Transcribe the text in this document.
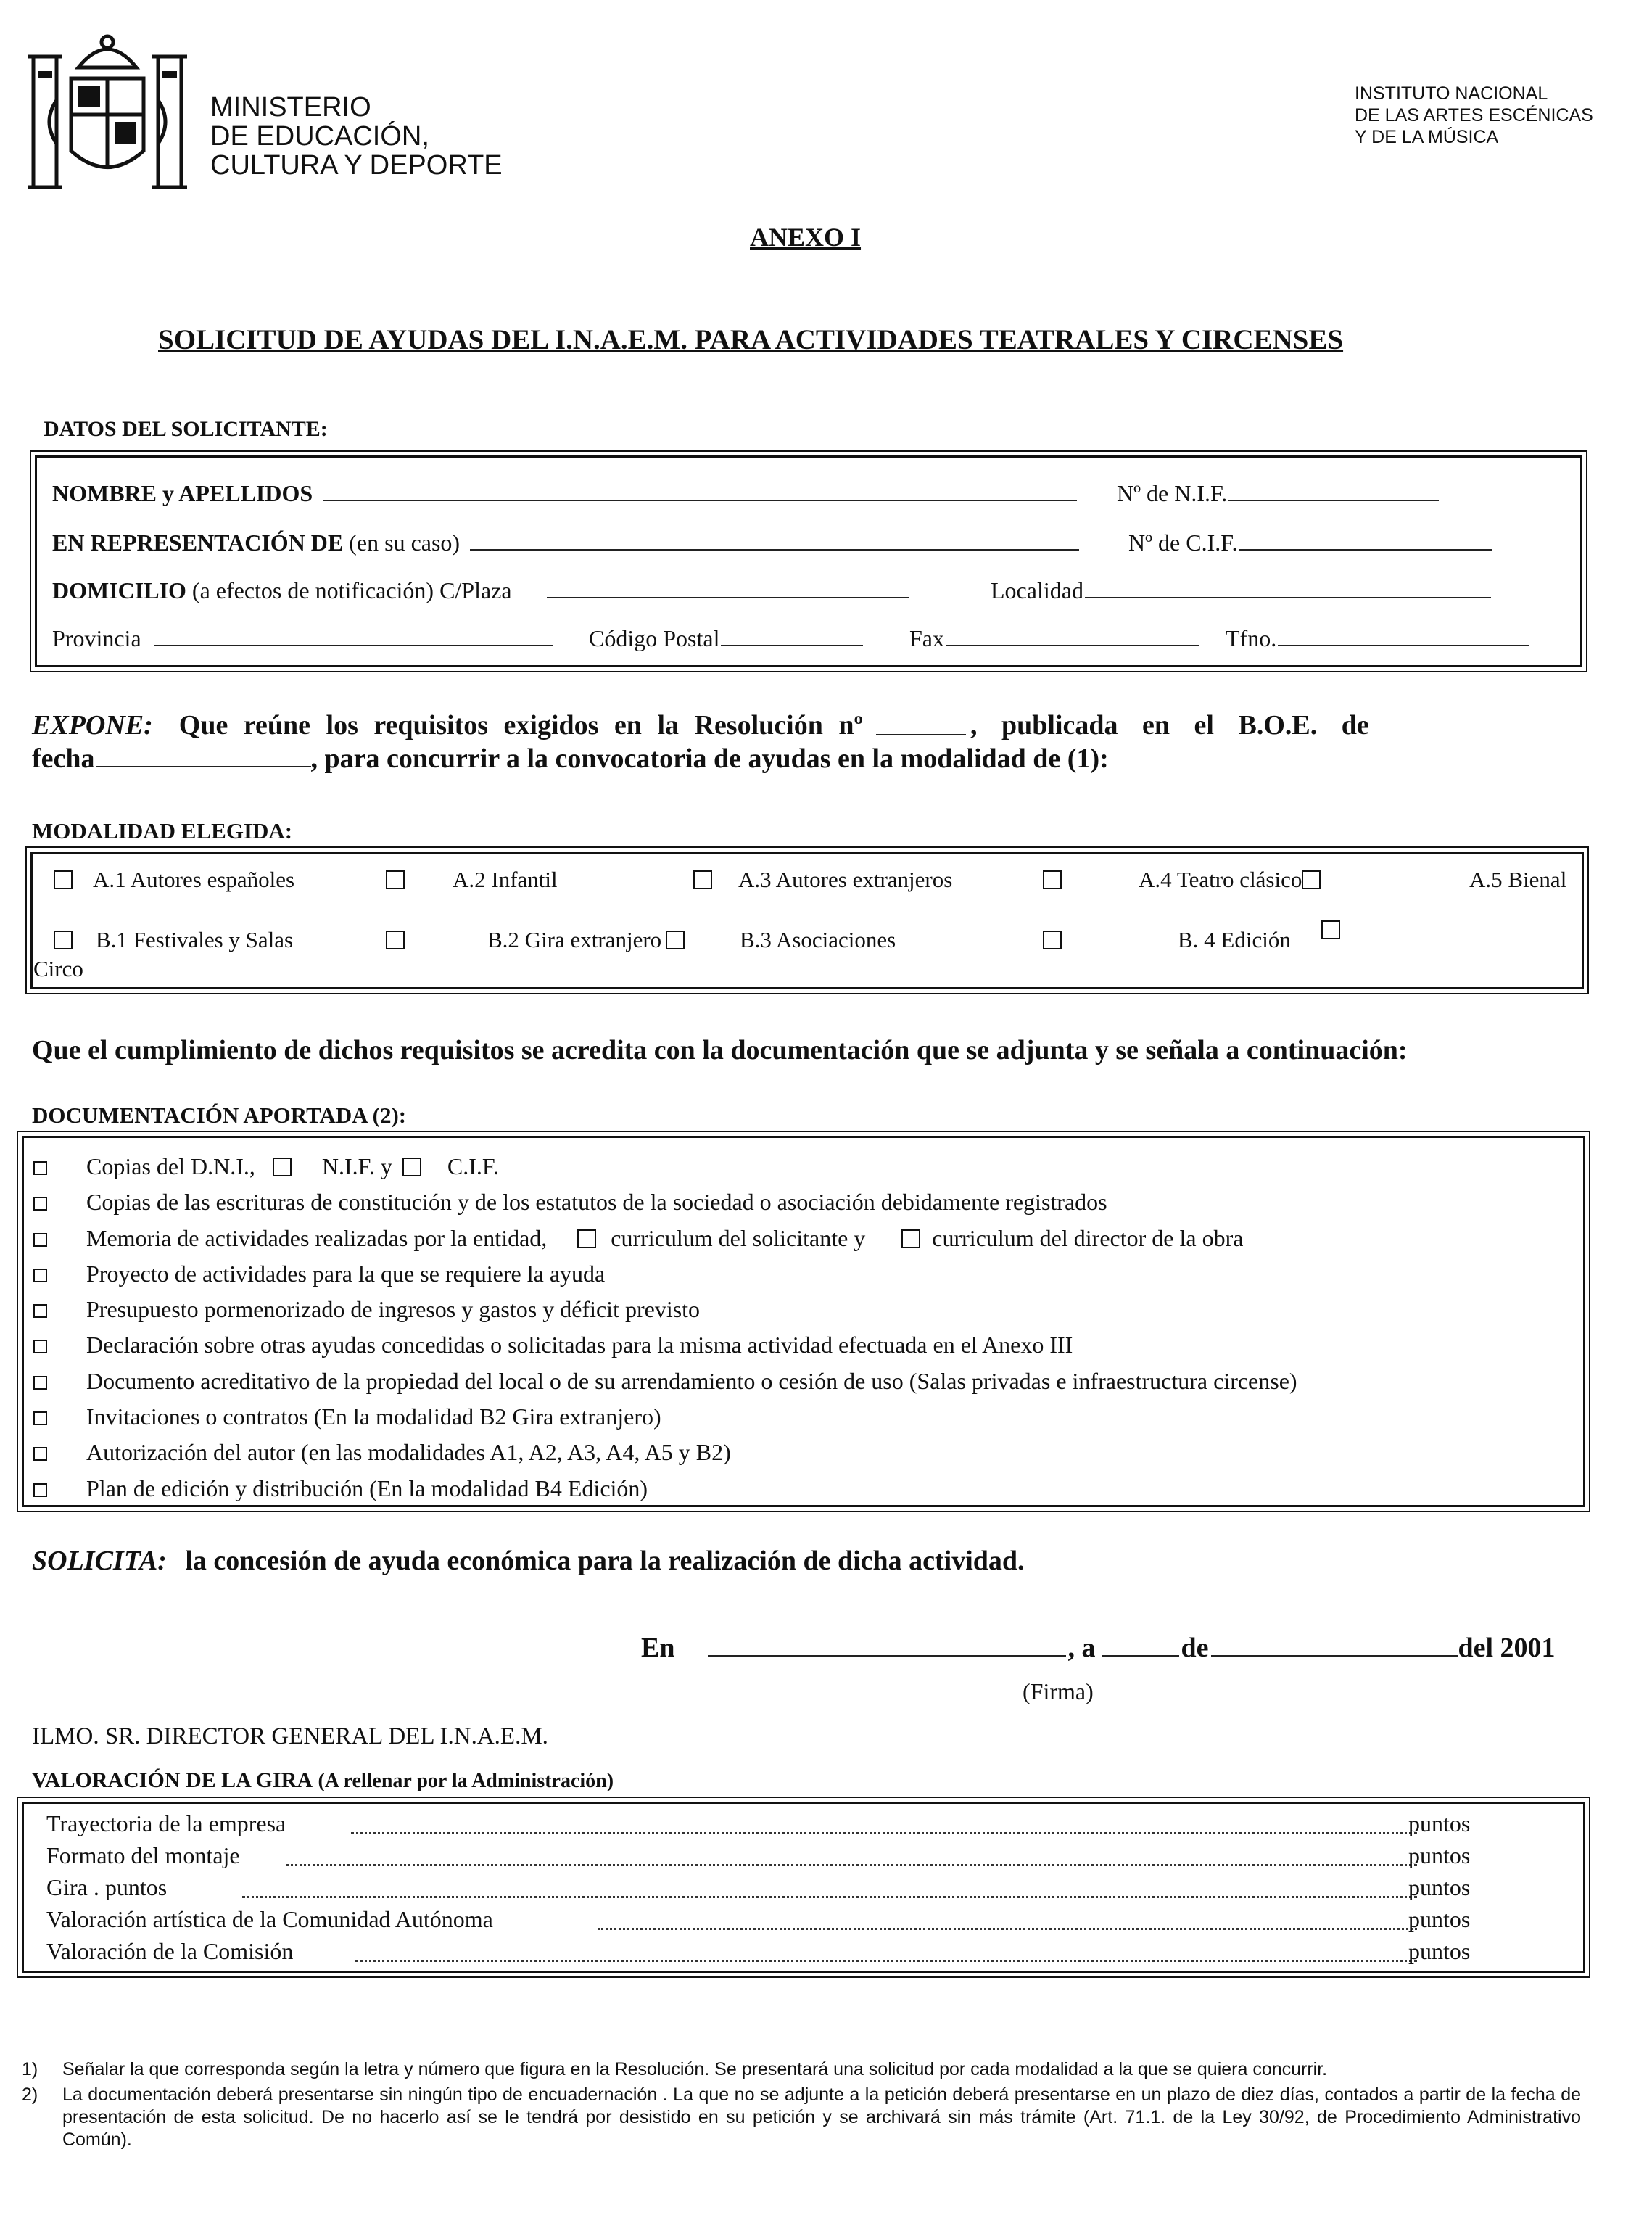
MINISTERIO
DE EDUCACIÓN,
CULTURA Y DEPORTE
INSTITUTO NACIONAL
DE LAS ARTES ESCÉNICAS
Y DE LA MÚSICA
ANEXO I
SOLICITUD DE AYUDAS DEL I.N.A.E.M. PARA ACTIVIDADES TEATRALES Y CIRCENSES
DATOS DEL SOLICITANTE:
NOMBRE y APELLIDOS	Nº de N.I.F.
EN REPRESENTACIÓN DE (en su caso)	Nº de C.I.F.
DOMICILIO (a efectos de notificación) C/Plaza	Localidad
Provincia	Código Postal	Fax	Tfno.
EXPONE: Que reúne los requisitos exigidos en la Resolución nº	, publicada en el B.O.E. de
fecha	, para concurrir a la convocatoria de ayudas en la modalidad de (1):
MODALIDAD ELEGIDA:
A.1 Autores españoles	A.2 Infantil	A.3 Autores extranjeros	A.4 Teatro clásico	A.5 Bienal
B.1 Festivales y Salas	B.2 Gira extranjero	B.3 Asociaciones	B. 4 Edición
Circo
Que el cumplimiento de dichos requisitos se acredita con la documentación que se adjunta y se señala a continuación:
DOCUMENTACIÓN APORTADA (2):
Copias del D.N.I.,	N.I.F. y C.I.F.
Copias de las escrituras de constitución y de los estatutos de la sociedad o asociación debidamente registrados
Memoria de actividades realizadas por la entidad,	curriculum del solicitante y	curriculum del director de la obra
Proyecto de actividades para la que se requiere la ayuda
Presupuesto pormenorizado de ingresos y gastos y déficit previsto
Declaración sobre otras ayudas concedidas o solicitadas para la misma actividad efectuada en el Anexo III
Documento acreditativo de la propiedad del local o de su arrendamiento o cesión de uso (Salas privadas e infraestructura circense)
Invitaciones o contratos (En la modalidad B2 Gira extranjero)
Autorización del autor (en las modalidades A1, A2, A3, A4, A5 y B2)
Plan de edición y distribución (En la modalidad B4 Edición)
SOLICITA: la concesión de ayuda económica para la realización de dicha actividad.
En	, a	de	del 2001
(Firma)
ILMO. SR. DIRECTOR GENERAL DEL I.N.A.E.M.
VALORACIÓN DE LA GIRA (A rellenar por la Administración)
Trayectoria de la empresa	puntos
Formato del montaje	puntos
Gira . puntos	puntos
Valoración artística de la Comunidad Autónoma	puntos
Valoración de la Comisión	puntos
1)	Señalar la que corresponda según la letra y número que figura en la Resolución. Se presentará una solicitud por cada modalidad a la que se quiera concurrir.
2)	La documentación deberá presentarse sin ningún tipo de encuadernación . La que no se adjunte a la petición deberá presentarse en un plazo de diez días, contados a partir de la fecha de presentación de esta solicitud. De no hacerlo así se le tendrá por desistido en su petición y se archivará sin más trámite (Art. 71.1. de la Ley 30/92, de Procedimiento Administrativo Común).
